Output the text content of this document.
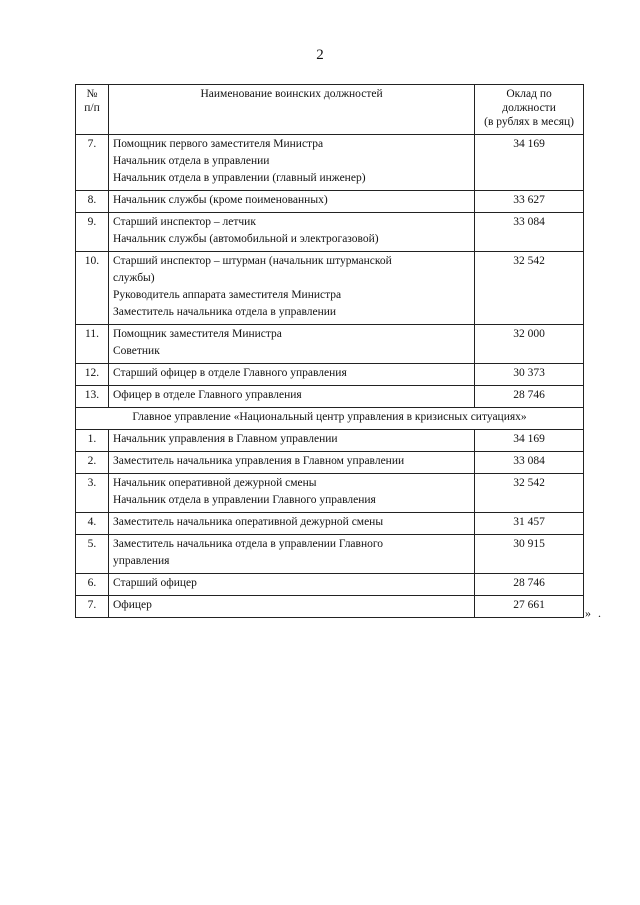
2
№
п/п	Наименование воинских должностей	Оклад по
должности
(в рублях в месяц)

7.	Помощник первого заместителя Министра
Начальник отдела в управлении
Начальник отдела в управлении (главный инженер)	34 169
8.	Начальник службы (кроме поименованных)	33 627
9.	Старший инспектор – летчик
Начальник службы (автомобильной и электрогазовой)	33 084
10.	Старший инспектор – штурман (начальник штурманской
службы)
Руководитель аппарата заместителя Министра
Заместитель начальника отдела в управлении	32 542
11.	Помощник заместителя Министра
Советник	32 000
12.	Старший офицер в отделе Главного управления	30 373
13.	Офицер в отделе Главного управления	28 746
Главное управление «Национальный центр управления в кризисных ситуациях»		
1.	Начальник управления в Главном управлении	34 169
2.	Заместитель начальника управления в Главном управлении	33 084
3.	Начальник оперативной дежурной смены
Начальник отдела в управлении Главного управления	32 542
4.	Заместитель начальника оперативной дежурной смены	31 457
5.	Заместитель начальника отдела в управлении Главного
управления	30 915
6.	Старший офицер	28 746
7.	Офицер	27 661
» .
